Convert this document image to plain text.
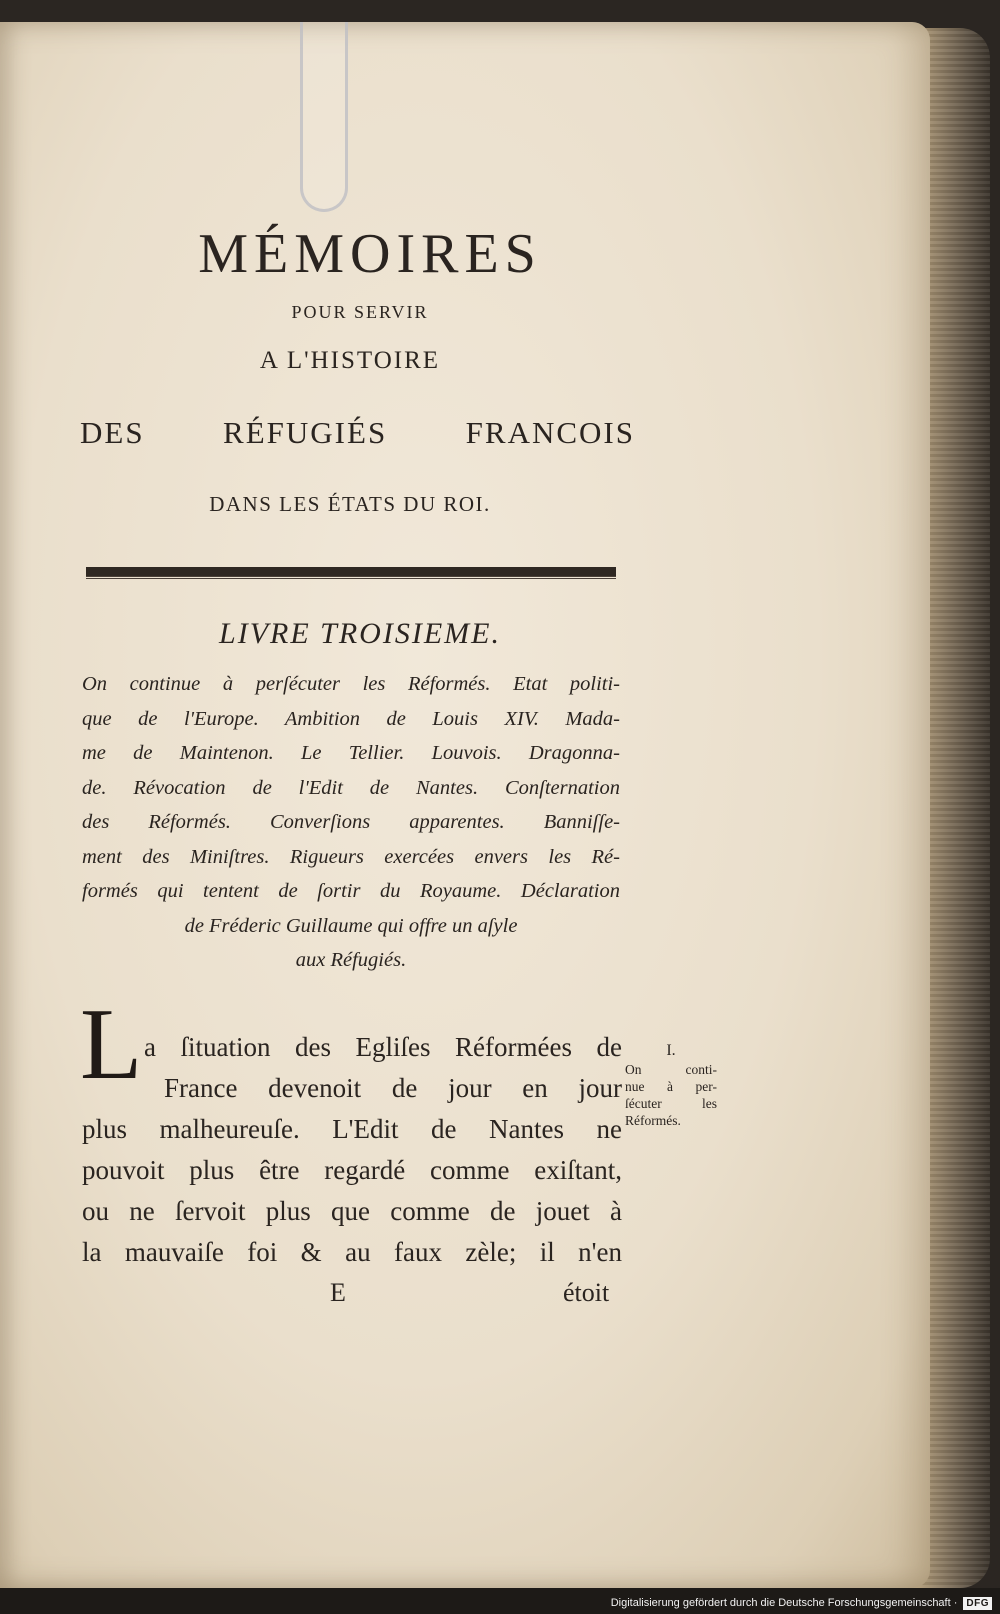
MÉMOIRES
POUR SERVIR
A L'HISTOIRE
DES RÉFUGIÉS FRANCOIS
DANS LES ÉTATS DU ROI.
LIVRE TROISIEME.
On continue à perſécuter les Réformés. Etat politi-
que de l'Europe. Ambition de Louis XIV. Mada-
me de Maintenon. Le Tellier. Louvois. Dragonna-
de. Révocation de l'Edit de Nantes. Conſternation
des Réformés. Converſions apparentes. Banniſſe-
ment des Miniſtres. Rigueurs exercées envers les Ré-
formés qui tentent de ſortir du Royaume. Déclaration
de Fréderic Guillaume qui offre un aſyle
aux Réfugiés.
L a ſituation des Egliſes Réformées de
France devenoit de jour en jour
plus malheureuſe. L'Edit de Nantes ne
pouvoit plus être regardé comme exiſtant,
ou ne ſervoit plus que comme de jouet à
la mauvaiſe foi & au faux zèle; il n'en
E	étoit
I.
On conti-
nue à per-
ſécuter les
Réformés.
Digitalisierung gefördert durch die Deutsche Forschungsgemeinschaft · DFG
